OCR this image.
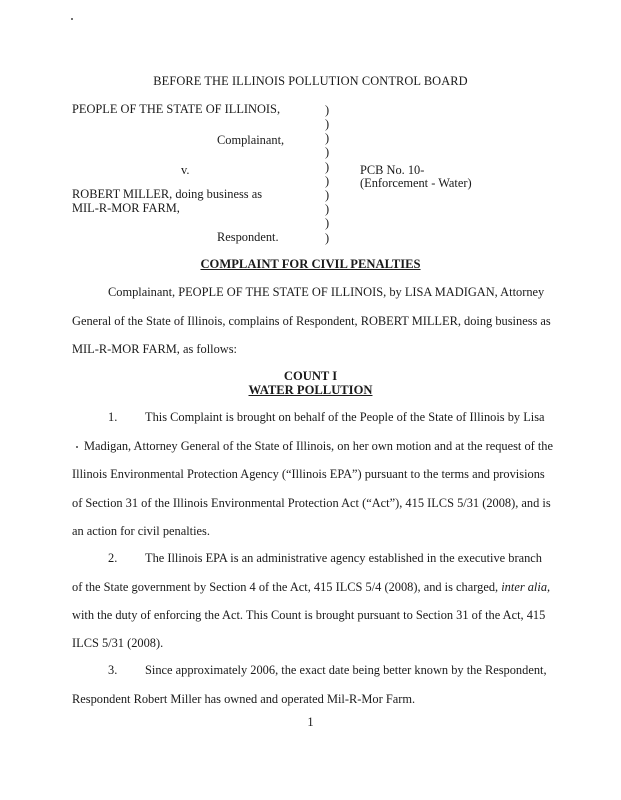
BEFORE THE ILLINOIS POLLUTION CONTROL BOARD
PEOPLE OF THE STATE OF ILLINOIS,
Complainant,
v.
ROBERT MILLER, doing business as
MIL-R-MOR FARM,
Respondent.
PCB No. 10-
(Enforcement - Water)
)
)
)
)
)
)
)
)
)
)
COMPLAINT FOR CIVIL PENALTIES
Complainant, PEOPLE OF THE STATE OF ILLINOIS, by LISA MADIGAN, Attorney
General of the State of Illinois, complains of Respondent, ROBERT MILLER, doing business as
MIL-R-MOR FARM, as follows:
COUNT I
WATER POLLUTION
1. This Complaint is brought on behalf of the People of the State of Illinois by Lisa
Madigan, Attorney General of the State of Illinois, on her own motion and at the request of the
Illinois Environmental Protection Agency (“Illinois EPA”) pursuant to the terms and provisions
of Section 31 of the Illinois Environmental Protection Act (“Act”), 415 ILCS 5/31 (2008), and is
an action for civil penalties.
2. The Illinois EPA is an administrative agency established in the executive branch
of the State government by Section 4 of the Act, 415 ILCS 5/4 (2008), and is charged, inter alia,
with the duty of enforcing the Act. This Count is brought pursuant to Section 31 of the Act, 415
ILCS 5/31 (2008).
3. Since approximately 2006, the exact date being better known by the Respondent,
Respondent Robert Miller has owned and operated Mil-R-Mor Farm.
1
